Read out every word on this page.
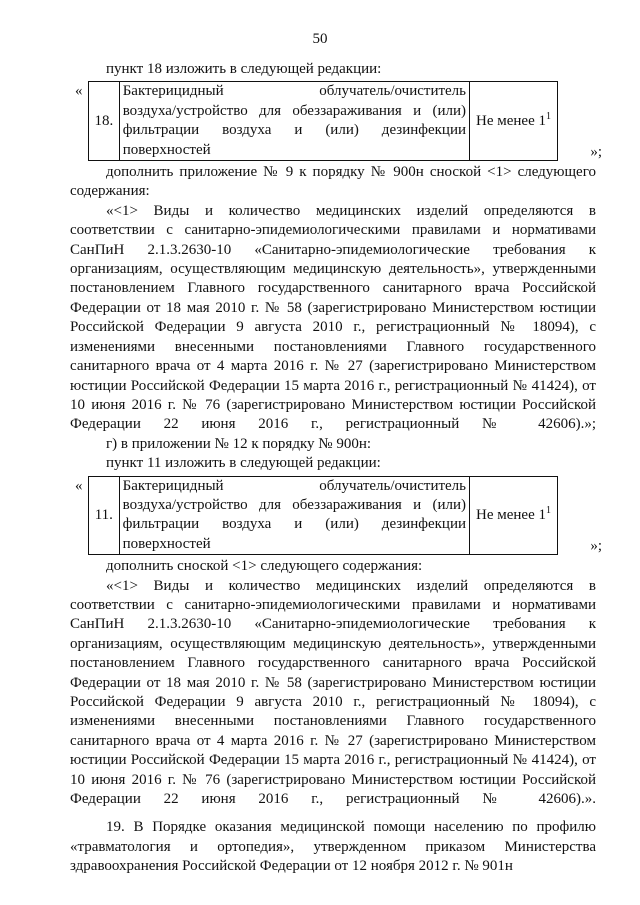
50

пункт 18 изложить в следующей редакции:

«
18.	
Бактерицидный облучатель/очиститель
воздуха/устройство для обеззараживания и (или)
фильтрации воздуха и (или) дезинфекции
поверхностей
	Не менее $1^1$
»;

дополнить приложение № 9 к порядку № 900н сноской <1> следующего содержания:

«<1> Виды и количество медицинских изделий определяются в соответствии с санитарно-эпидемиологическими правилами и нормативами СанПиН 2.1.3.2630-10 «Санитарно-эпидемиологические требования к организациям, осуществляющим медицинскую деятельность», утвержденными постановлением Главного государственного санитарного врача Российской Федерации от 18 мая 2010 г. № 58 (зарегистрировано Министерством юстиции Российской Федерации 9 августа 2010 г., регистрационный № 18094), с изменениями внесенными постановлениями Главного государственного санитарного врача от 4 марта 2016 г. № 27 (зарегистрировано Министерством юстиции Российской Федерации 15 марта 2016 г., регистрационный № 41424), от 10 июня 2016 г. № 76 (зарегистрировано Министерством юстиции Российской Федерации 22 июня 2016 г., регистрационный № 42606).»;

г) в приложении № 12 к порядку № 900н:

пункт 11 изложить в следующей редакции:

«
11.	
Бактерицидный облучатель/очиститель
воздуха/устройство для обеззараживания и (или)
фильтрации воздуха и (или) дезинфекции
поверхностей
	Не менее $1^1$
»;

дополнить сноской <1> следующего содержания:

«<1> Виды и количество медицинских изделий определяются в соответствии с санитарно-эпидемиологическими правилами и нормативами СанПиН 2.1.3.2630-10 «Санитарно-эпидемиологические требования к организациям, осуществляющим медицинскую деятельность», утвержденными постановлением Главного государственного санитарного врача Российской Федерации от 18 мая 2010 г. № 58 (зарегистрировано Министерством юстиции Российской Федерации 9 августа 2010 г., регистрационный № 18094), с изменениями внесенными постановлениями Главного государственного санитарного врача от 4 марта 2016 г. № 27 (зарегистрировано Министерством юстиции Российской Федерации 15 марта 2016 г., регистрационный № 41424), от 10 июня 2016 г. № 76 (зарегистрировано Министерством юстиции Российской Федерации 22 июня 2016 г., регистрационный № 42606).».

19. В Порядке оказания медицинской помощи населению по профилю «травматология и ортопедия», утвержденном приказом Министерства здравоохранения Российской Федерации от 12 ноября 2012 г. № 901н
